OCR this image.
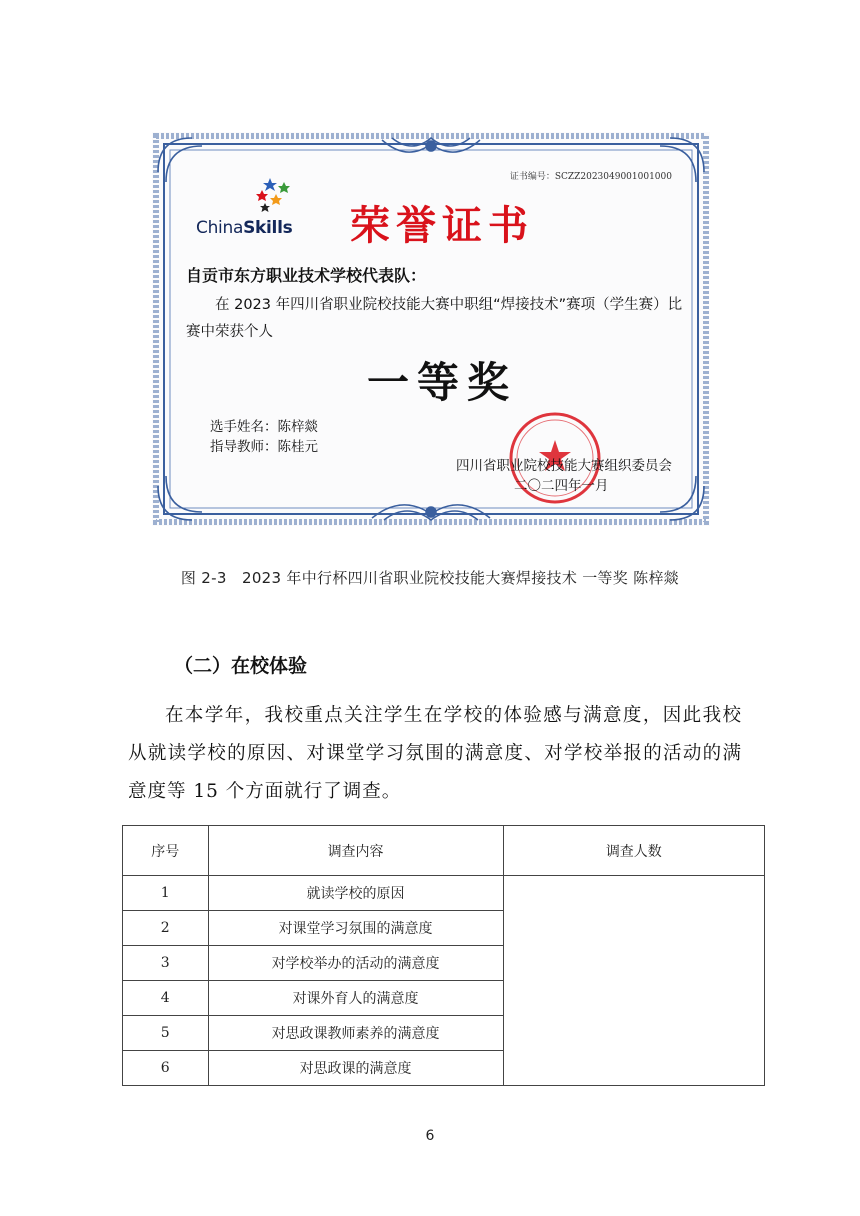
证书编号：SCZZ2023049001001000
ChinaSkills	荣誉证书
自贡市东方职业技术学校代表队：
在 2023 年四川省职业院校技能大赛中职组“焊接技术”赛项（学生赛）比赛中荣获个人
一等奖
选手姓名：陈梓燚
指导教师：陈桂元
四川省职业院校技能大赛组织委员会
二〇二四年一月
图 2-3　2023 年中行杯四川省职业院校技能大赛焊接技术 一等奖 陈梓燚
（二）在校体验
在本学年，我校重点关注学生在学校的体验感与满意度，因此我校从就读学校的原因、对课堂学习氛围的满意度、对学校举报的活动的满意度等 15 个方面就行了调查。
序号	调查内容	调查人数
1	就读学校的原因	
2	对课堂学习氛围的满意度	
3	对学校举办的活动的满意度	
4	对课外育人的满意度	
5	对思政课教师素养的满意度	
6	对思政课的满意度	
6
